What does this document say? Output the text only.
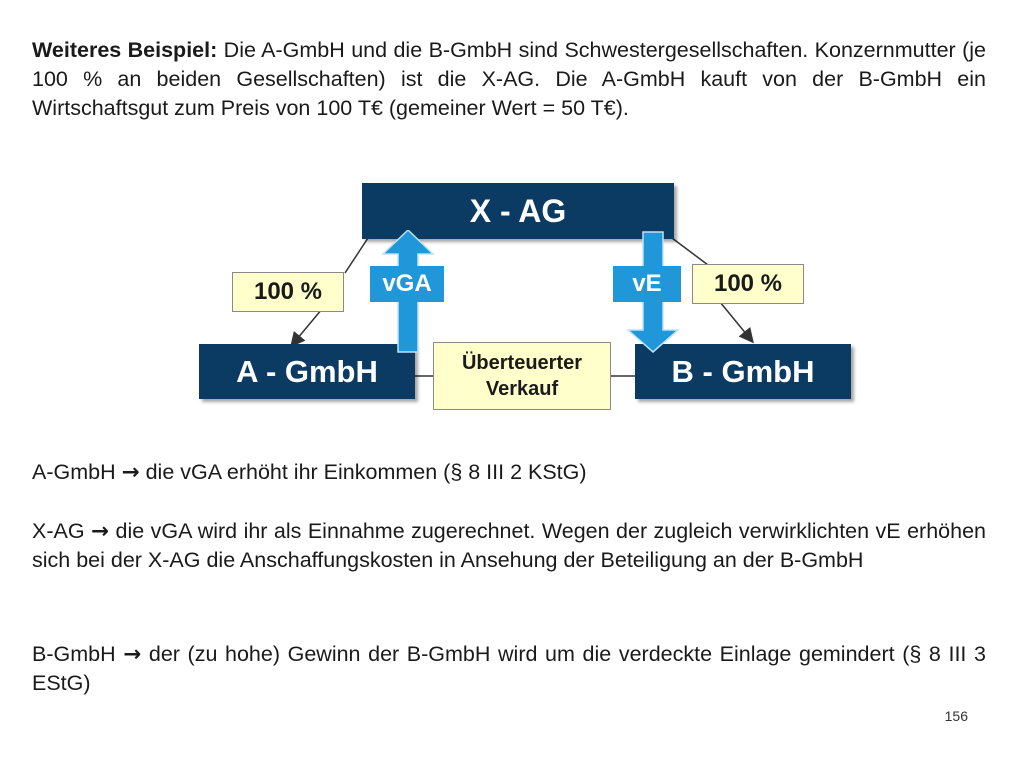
Weiteres Beispiel: Die A-GmbH und die B-GmbH sind Schwestergesellschaften. Konzernmutter (je 100 % an beiden Gesellschaften) ist die X-AG. Die A-GmbH kauft von der B-GmbH ein Wirtschaftsgut zum Preis von 100 T€ (gemeiner Wert = 50 T€).

X - AG
A - GmbH	B - GmbH
100 %	100 %
vGA	vE
Überteuerter
Verkauf

A-GmbH → die vGA erhöht ihr Einkommen (§ 8 III 2 KStG)

X-AG → die vGA wird ihr als Einnahme zugerechnet. Wegen der zugleich verwirklichten vE erhöhen sich bei der X-AG die Anschaffungskosten in Ansehung der Beteiligung an der B-GmbH

B-GmbH → der (zu hohe) Gewinn der B-GmbH wird um die verdeckte Einlage gemindert (§ 8 III 3 EStG)

156
